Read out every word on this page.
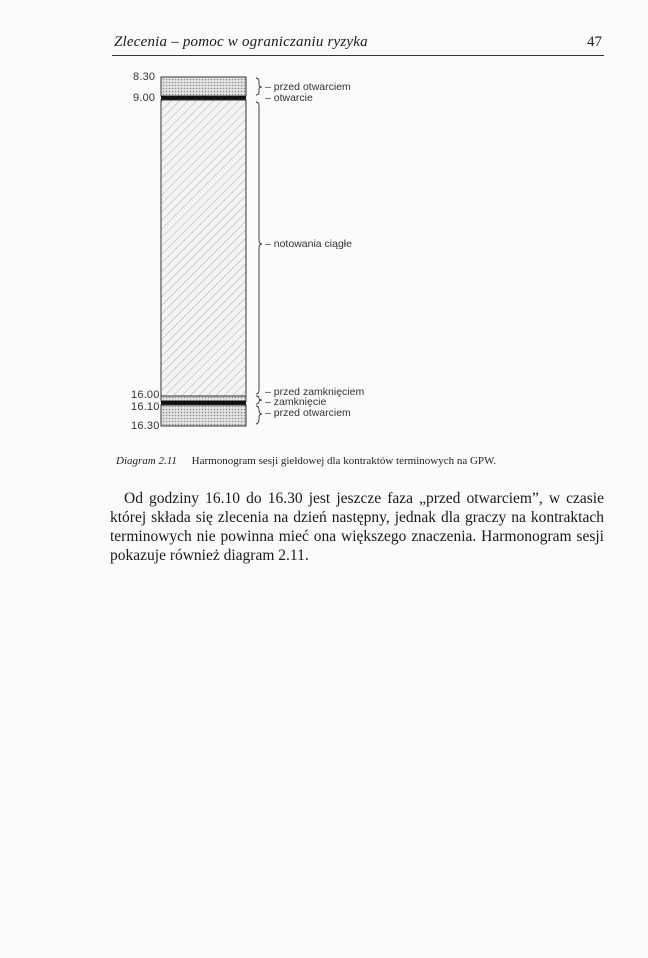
Zlecenia – pomoc w ograniczaniu ryzyka	47
8.30
9.00
16.00
16.10
16.30
– przed otwarciem
– otwarcie
– notowania ciągłe
– przed zamknięciem
– zamknięcie
– przed otwarciem
Diagram 2.11 Harmonogram sesji giełdowej dla kontraktów terminowych na GPW.

Od godziny 16.10 do 16.30 jest jeszcze faza „przed otwarciem”, w czasie której składa się zlecenia na dzień następny, jednak dla graczy na kontraktach terminowych nie powinna mieć ona większego znaczenia. Harmonogram sesji pokazuje również diagram 2.11.
